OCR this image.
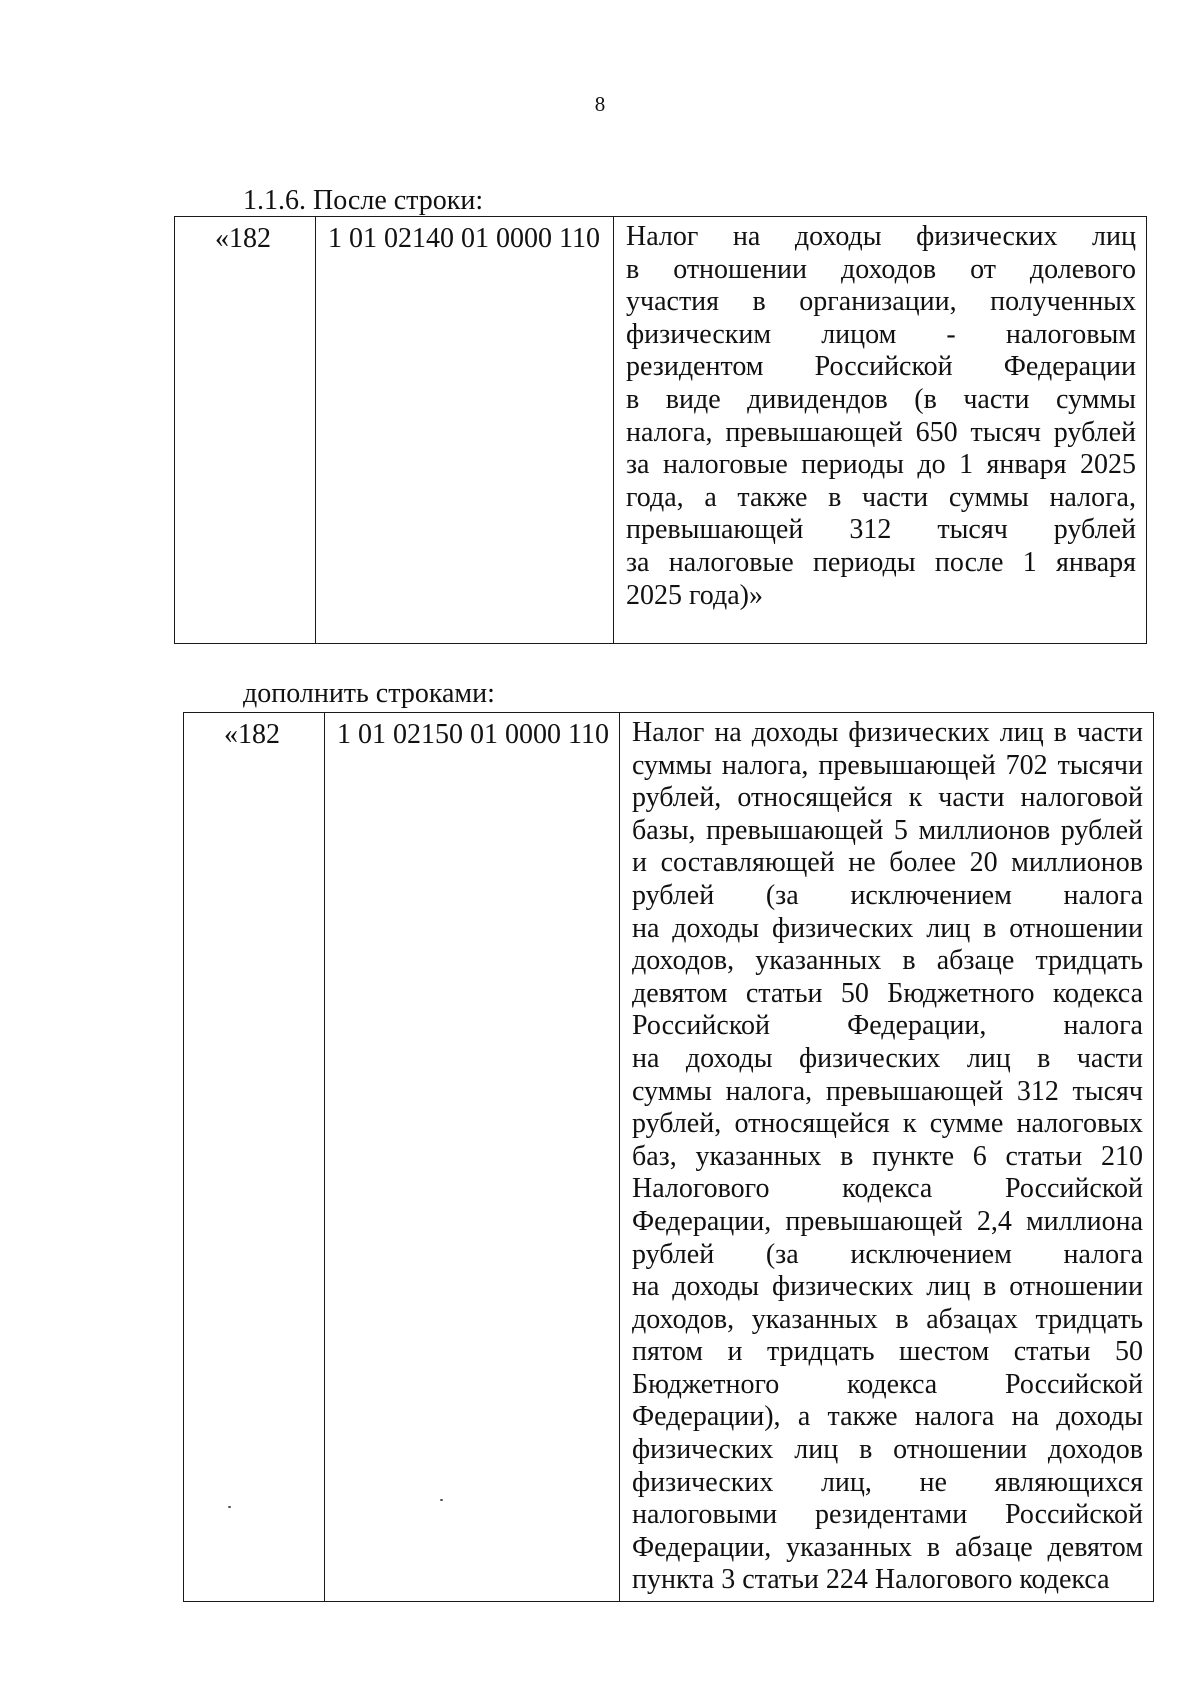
8
1.1.6. После строки:
«182	1 01 02140 01 0000 110	Налог на доходы физических лиц
в отношении доходов от долевого
участия в организации, полученных
физическим лицом - налоговым
резидентом Российской Федерации
в виде дивидендов (в части суммы
налога, превышающей 650 тысяч рублей
за налоговые периоды до 1 января 2025
года, а также в части суммы налога,
превышающей 312 тысяч рублей
за налоговые периоды после 1 января
2025 года)»
дополнить строками:
«182	1 01 02150 01 0000 110	Налог на доходы физических лиц в части
суммы налога, превышающей 702 тысячи
рублей, относящейся к части налоговой
базы, превышающей 5 миллионов рублей
и составляющей не более 20 миллионов
рублей (за исключением налога
на доходы физических лиц в отношении
доходов, указанных в абзаце тридцать
девятом статьи 50 Бюджетного кодекса
Российской Федерации, налога
на доходы физических лиц в части
суммы налога, превышающей 312 тысяч
рублей, относящейся к сумме налоговых
баз, указанных в пункте 6 статьи 210
Налогового кодекса Российской
Федерации, превышающей 2,4 миллиона
рублей (за исключением налога
на доходы физических лиц в отношении
доходов, указанных в абзацах тридцать
пятом и тридцать шестом статьи 50
Бюджетного кодекса Российской
Федерации), а также налога на доходы
физических лиц в отношении доходов
физических лиц, не являющихся
налоговыми резидентами Российской
Федерации, указанных в абзаце девятом
пункта 3 статьи 224 Налогового кодекса
